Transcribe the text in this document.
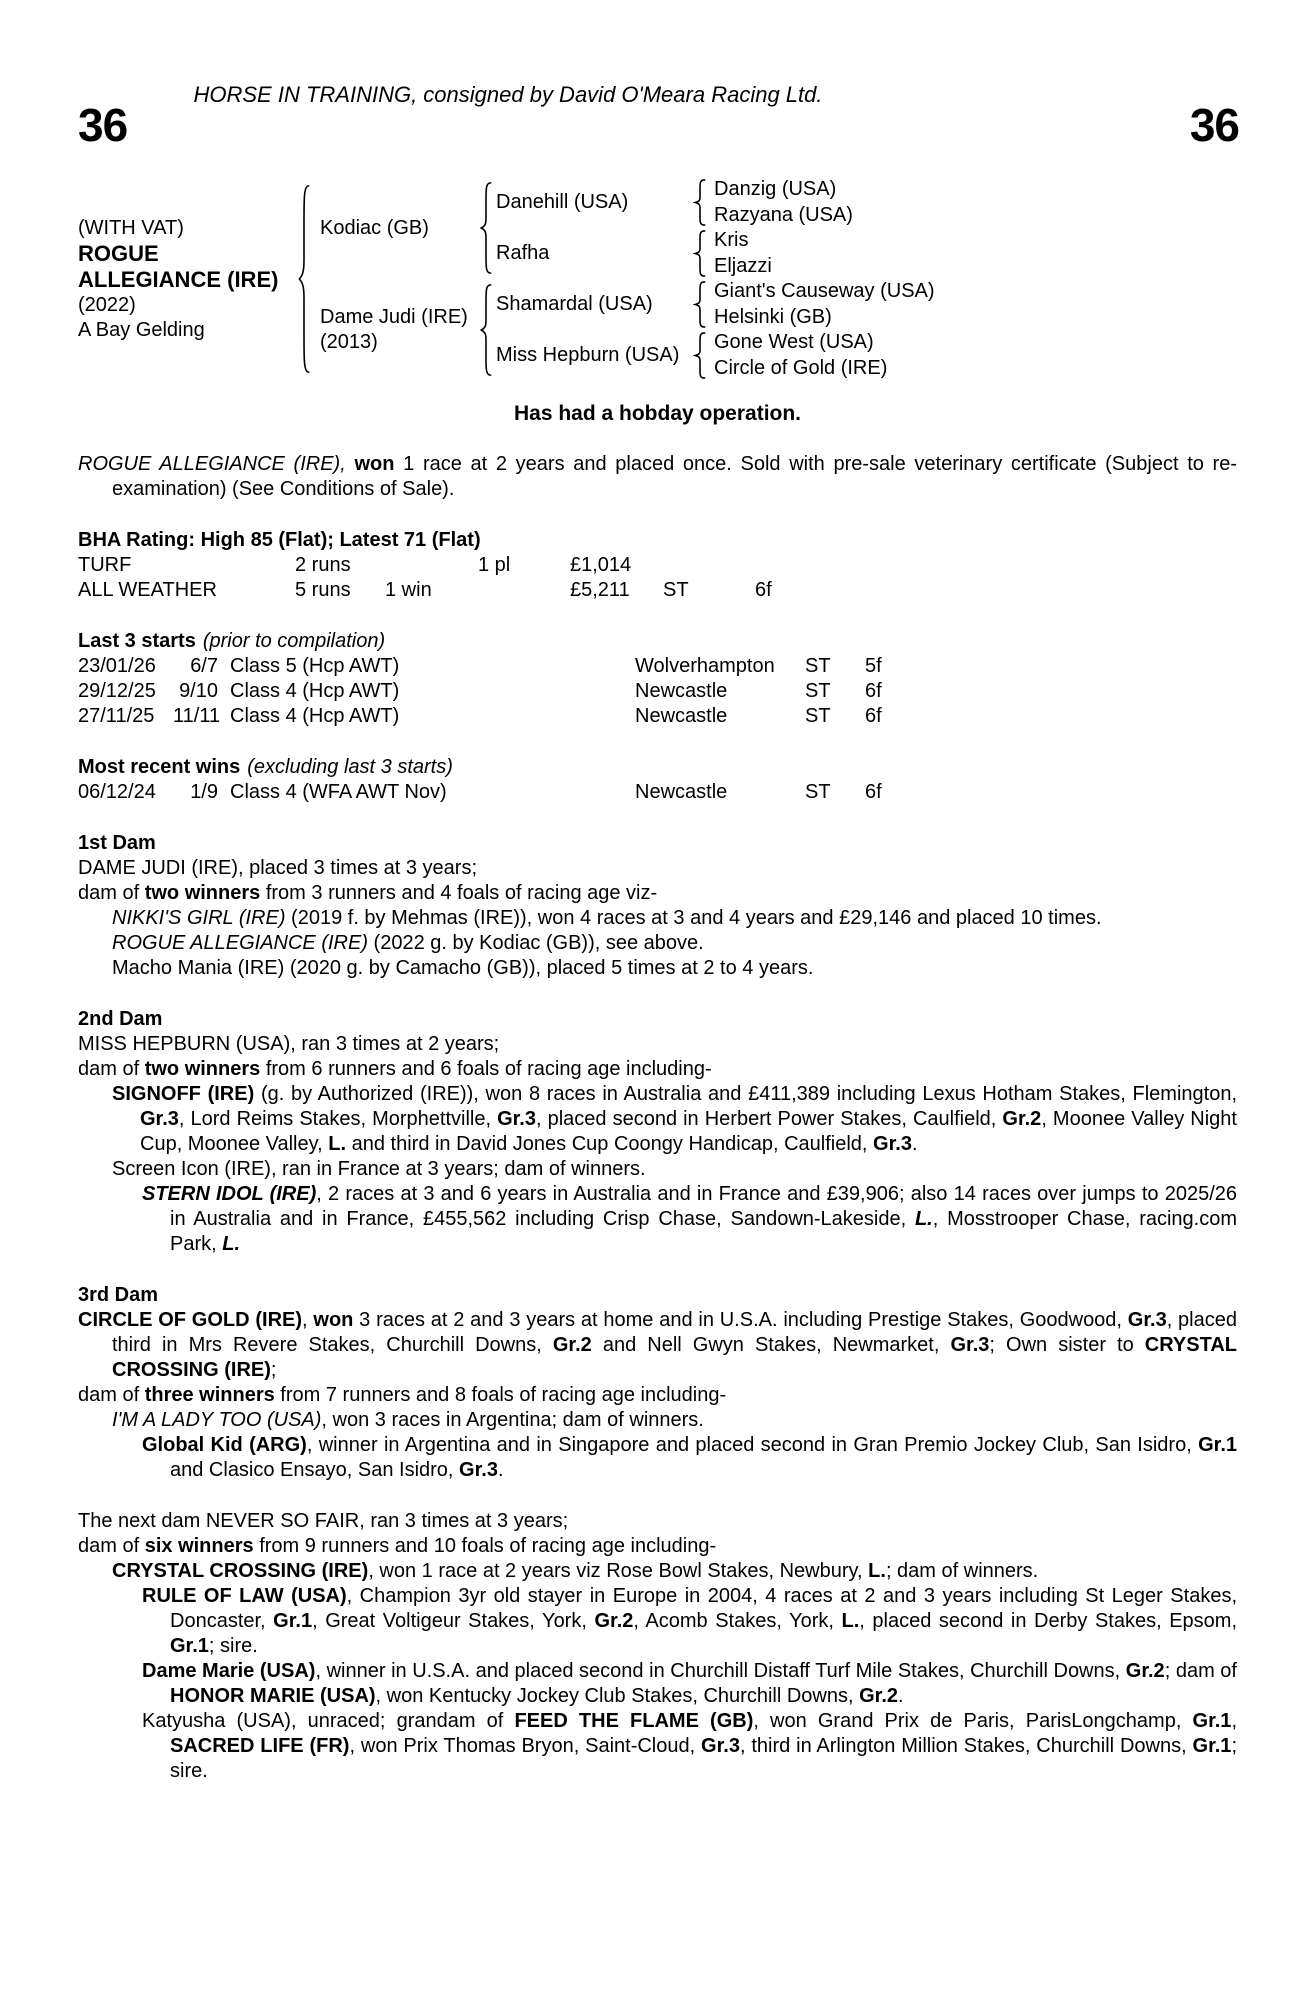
HORSE IN TRAINING, consigned by David O'Meara Racing Ltd.
36	36
(WITH VAT)
ROGUE
ALLEGIANCE (IRE)
(2022)
A Bay Gelding
Kodiac (GB)
Dame Judi (IRE)
(2013)
Danehill (USA)
Rafha
Shamardal (USA)
Miss Hepburn (USA)
Danzig (USA)
Razyana (USA)
Kris
Eljazzi
Giant's Causeway (USA)
Helsinki (GB)
Gone West (USA)
Circle of Gold (IRE)
Has had a hobday operation.

ROGUE ALLEGIANCE (IRE), won 1 race at 2 years and placed once. Sold with pre-sale veterinary certificate (Subject to re-examination) (See Conditions of Sale).

BHA Rating: High 85 (Flat); Latest 71 (Flat)
TURF	2 runs	1 pl	£1,014
ALL WEATHER	5 runs	1 win	£5,211	ST	6f
Last 3 starts (prior to compilation)
23/01/26	6/7 Class 5 (Hcp AWT)	Wolverhampton	ST	5f
29/12/25	9/10 Class 4 (Hcp AWT)	Newcastle	ST	6f
27/11/25 11/11 Class 4 (Hcp AWT)	Newcastle	ST	6f
Most recent wins (excluding last 3 starts)
06/12/24	1/9 Class 4 (WFA AWT Nov)	Newcastle	ST	6f
1st Dam

DAME JUDI (IRE), placed 3 times at 3 years;

dam of two winners from 3 runners and 4 foals of racing age viz-

NIKKI'S GIRL (IRE) (2019 f. by Mehmas (IRE)), won 4 races at 3 and 4 years and £29,146 and placed 10 times.

ROGUE ALLEGIANCE (IRE) (2022 g. by Kodiac (GB)), see above.

Macho Mania (IRE) (2020 g. by Camacho (GB)), placed 5 times at 2 to 4 years.

2nd Dam

MISS HEPBURN (USA), ran 3 times at 2 years;

dam of two winners from 6 runners and 6 foals of racing age including-

SIGNOFF (IRE) (g. by Authorized (IRE)), won 8 races in Australia and £411,389 including Lexus Hotham Stakes, Flemington, Gr.3, Lord Reims Stakes, Morphettville, Gr.3, placed second in Herbert Power Stakes, Caulfield, Gr.2, Moonee Valley Night Cup, Moonee Valley, L. and third in David Jones Cup Coongy Handicap, Caulfield, Gr.3.

Screen Icon (IRE), ran in France at 3 years; dam of winners.

STERN IDOL (IRE), 2 races at 3 and 6 years in Australia and in France and £39,906; also 14 races over jumps to 2025/26 in Australia and in France, £455,562 including Crisp Chase, Sandown-Lakeside, L., Mosstrooper Chase, racing.com Park, L.

3rd Dam

CIRCLE OF GOLD (IRE), won 3 races at 2 and 3 years at home and in U.S.A. including Prestige Stakes, Goodwood, Gr.3, placed third in Mrs Revere Stakes, Churchill Downs, Gr.2 and Nell Gwyn Stakes, Newmarket, Gr.3; Own sister to CRYSTAL CROSSING (IRE);

dam of three winners from 7 runners and 8 foals of racing age including-

I'M A LADY TOO (USA), won 3 races in Argentina; dam of winners.

Global Kid (ARG), winner in Argentina and in Singapore and placed second in Gran Premio Jockey Club, San Isidro, Gr.1 and Clasico Ensayo, San Isidro, Gr.3.

The next dam NEVER SO FAIR, ran 3 times at 3 years;

dam of six winners from 9 runners and 10 foals of racing age including-

CRYSTAL CROSSING (IRE), won 1 race at 2 years viz Rose Bowl Stakes, Newbury, L.; dam of winners.

RULE OF LAW (USA), Champion 3yr old stayer in Europe in 2004, 4 races at 2 and 3 years including St Leger Stakes, Doncaster, Gr.1, Great Voltigeur Stakes, York, Gr.2, Acomb Stakes, York, L., placed second in Derby Stakes, Epsom, Gr.1; sire.

Dame Marie (USA), winner in U.S.A. and placed second in Churchill Distaff Turf Mile Stakes, Churchill Downs, Gr.2; dam of HONOR MARIE (USA), won Kentucky Jockey Club Stakes, Churchill Downs, Gr.2.

Katyusha (USA), unraced; grandam of FEED THE FLAME (GB), won Grand Prix de Paris, ParisLongchamp, Gr.1, SACRED LIFE (FR), won Prix Thomas Bryon, Saint-Cloud, Gr.3, third in Arlington Million Stakes, Churchill Downs, Gr.1; sire.
